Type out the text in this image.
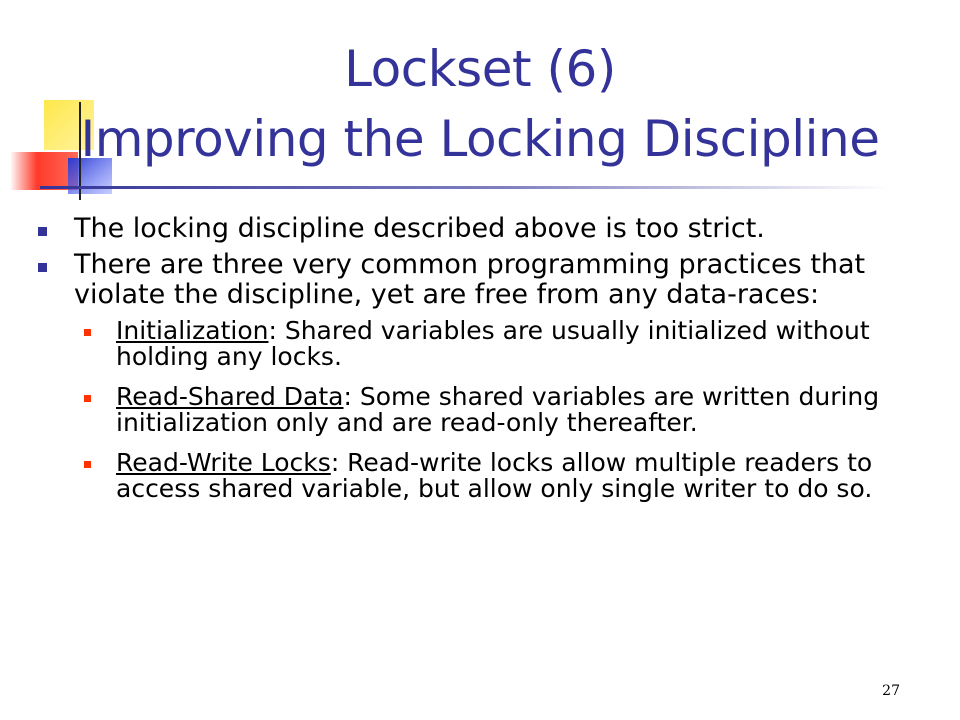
Lockset (6)
Improving the Locking Discipline
The locking discipline described above is too strict.
There are three very common programming practices that violate the discipline, yet are free from any data-races:
Initialization: Shared variables are usually initialized without holding any locks.
Read-Shared Data: Some shared variables are written during initialization only and are read-only thereafter.
Read-Write Locks: Read-write locks allow multiple readers to access shared variable, but allow only single writer to do so.
27
